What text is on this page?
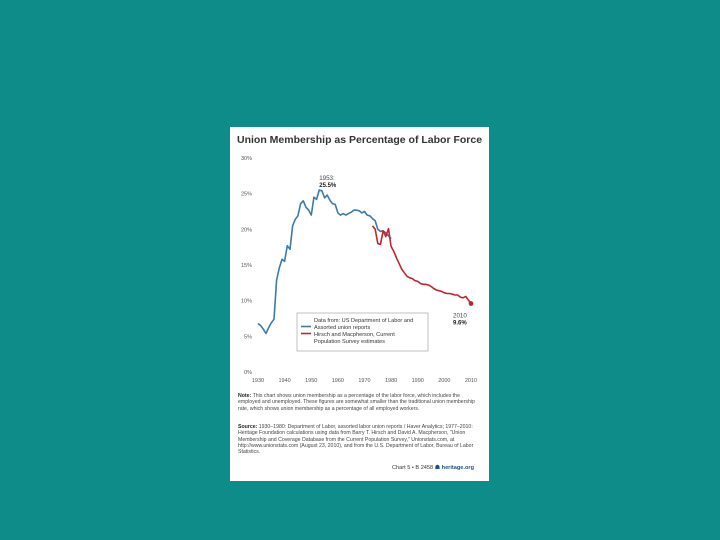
Union Membership as Percentage of Labor Force
30%
25%
20%
15%
10%
5%
0%
1930	1940	1950	1960	1970	1980	1990	2000	2010
1953:
25.5%
2010
9.6%
Data from: US Department of Labor and
Assorted union reports
Hirsch and Macpherson, Current
Population Survey estimates
Note: This chart shows union membership as a percentage of the labor force, which includes the employed and unemployed. These figures are somewhat smaller than the traditional union membership rate, which shows union membership as a percentage of all employed workers.
Source: 1930–1980: Department of Labor, assorted labor union reports / Haver Analytics; 1977–2010: Heritage Foundation calculations using data from Barry T. Hirsch and David A. Macpherson, "Union Membership and Coverage Database from the Current Population Survey," Unionstats.com, at http://www.unionstats.com (August 23, 2010), and from the U.S. Department of Labor, Bureau of Labor Statistics.
Chart 5 • B 2458 ☗ heritage.org
